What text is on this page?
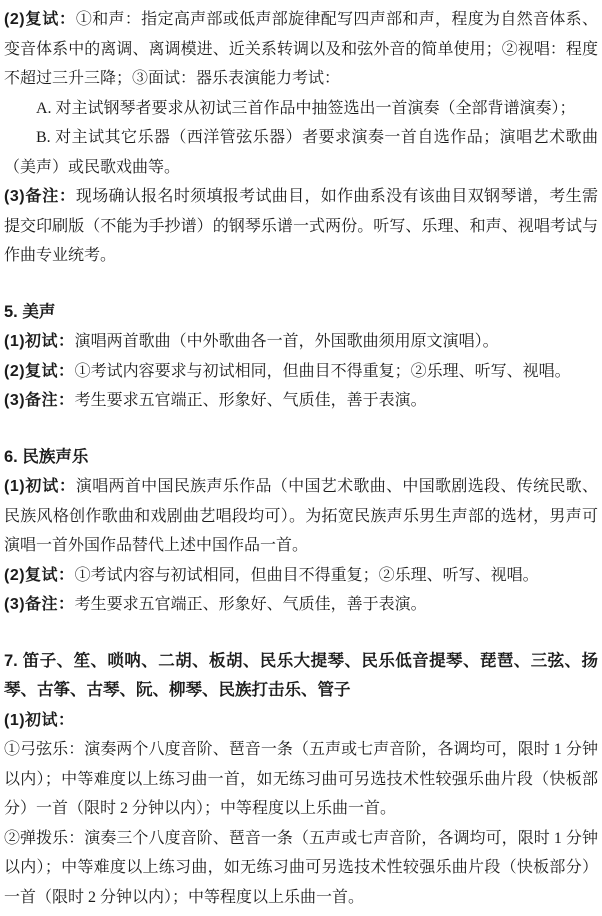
(2)复试：①和声：指定高声部或低声部旋律配写四声部和声，程度为自然音体系、变音体系中的离调、离调模进、近关系转调以及和弦外音的简单使用；②视唱：程度不超过三升三降；③面试：器乐表演能力考试：

A. 对主试钢琴者要求从初试三首作品中抽签选出一首演奏（全部背谱演奏）；

B. 对主试其它乐器（西洋管弦乐器）者要求演奏一首自选作品；演唱艺术歌曲（美声）或民歌戏曲等。

(3)备注：现场确认报名时须填报考试曲目，如作曲系没有该曲目双钢琴谱，考生需提交印刷版（不能为手抄谱）的钢琴乐谱一式两份。听写、乐理、和声、视唱考试与作曲专业统考。

5. 美声

(1)初试：演唱两首歌曲（中外歌曲各一首，外国歌曲须用原文演唱）。

(2)复试：①考试内容要求与初试相同，但曲目不得重复；②乐理、听写、视唱。

(3)备注：考生要求五官端正、形象好、气质佳，善于表演。

6. 民族声乐

(1)初试：演唱两首中国民族声乐作品（中国艺术歌曲、中国歌剧选段、传统民歌、民族风格创作歌曲和戏剧曲艺唱段均可）。为拓宽民族声乐男生声部的选材，男声可演唱一首外国作品替代上述中国作品一首。

(2)复试：①考试内容与初试相同，但曲目不得重复；②乐理、听写、视唱。

(3)备注：考生要求五官端正、形象好、气质佳，善于表演。

7. 笛子、笙、唢呐、二胡、板胡、民乐大提琴、民乐低音提琴、琵琶、三弦、扬琴、古筝、古琴、阮、柳琴、民族打击乐、管子

(1)初试：

①弓弦乐：演奏两个八度音阶、琶音一条（五声或七声音阶，各调均可，限时 1 分钟以内）；中等难度以上练习曲一首，如无练习曲可另选技术性较强乐曲片段（快板部分）一首（限时 2 分钟以内）；中等程度以上乐曲一首。

②弹拨乐：演奏三个八度音阶、琶音一条（五声或七声音阶，各调均可，限时 1 分钟以内）；中等难度以上练习曲，如无练习曲可另选技术性较强乐曲片段（快板部分）一首（限时 2 分钟以内）；中等程度以上乐曲一首。
